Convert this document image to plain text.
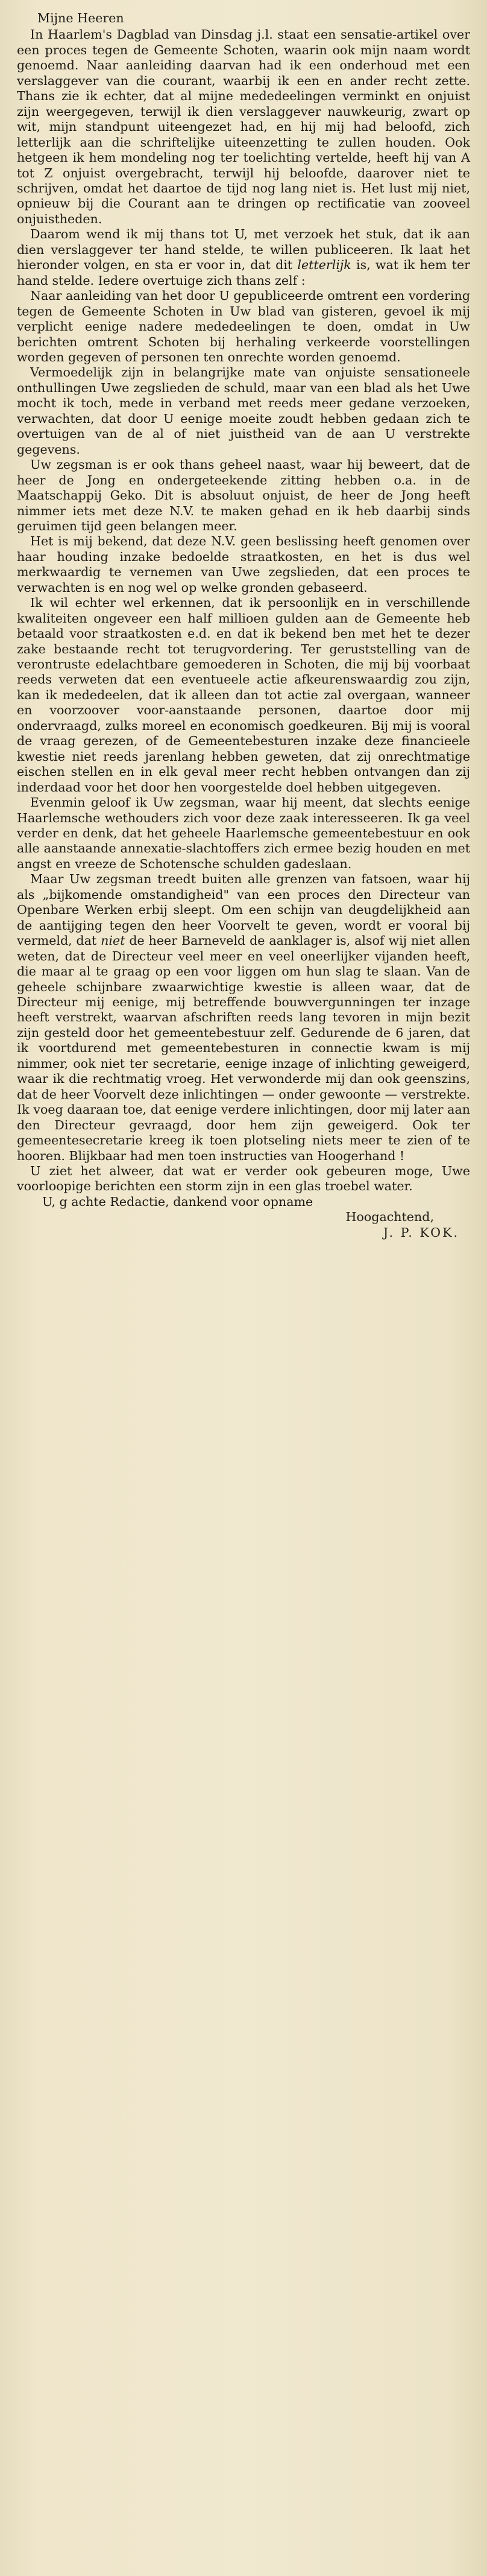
Mijne Heeren

In Haarlem's Dagblad van Dinsdag j.l. staat een sensatie-artikel over een proces tegen de Gemeente Schoten, waarin ook mijn naam wordt genoemd. Naar aanleiding daarvan had ik een onderhoud met een verslaggever van die courant, waarbij ik een en ander recht zette. Thans zie ik echter, dat al mijne mededeelingen verminkt en onjuist zijn weergegeven, terwijl ik dien verslaggever nauwkeurig, zwart op wit, mijn standpunt uiteengezet had, en hij mij had beloofd, zich letterlijk aan die schriftelijke uiteenzetting te zullen houden. Ook hetgeen ik hem mondeling nog ter toelichting vertelde, heeft hij van A tot Z onjuist overgebracht, terwijl hij beloofde, daarover niet te schrijven, omdat het daartoe de tijd nog lang niet is. Het lust mij niet, opnieuw bij die Courant aan te dringen op rectificatie van zooveel onjuistheden.

Daarom wend ik mij thans tot U, met verzoek het stuk, dat ik aan dien verslaggever ter hand stelde, te willen publiceeren. Ik laat het hieronder volgen, en sta er voor in, dat dit letterlijk is, wat ik hem ter hand stelde. Iedere overtuige zich thans zelf :

Naar aanleiding van het door U gepubliceerde omtrent een vordering tegen de Gemeente Schoten in Uw blad van gisteren, gevoel ik mij verplicht eenige nadere mededeelingen te doen, omdat in Uw berichten omtrent Schoten bij herhaling verkeerde voorstellingen worden gegeven of personen ten onrechte worden genoemd.

Vermoedelijk zijn in belangrijke mate van onjuiste sensationeele onthullingen Uwe zegslieden de schuld, maar van een blad als het Uwe mocht ik toch, mede in verband met reeds meer gedane verzoeken, verwachten, dat door U eenige moeite zoudt hebben gedaan zich te overtuigen van de al of niet juistheid van de aan U verstrekte gegevens.

Uw zegsman is er ook thans geheel naast, waar hij beweert, dat de heer de Jong en ondergeteekende zitting hebben o.a. in de Maatschappij Geko. Dit is absoluut onjuist, de heer de Jong heeft nimmer iets met deze N.V. te maken gehad en ik heb daarbij sinds geruimen tijd geen belangen meer.

Het is mij bekend, dat deze N.V. geen beslissing heeft genomen over haar houding inzake bedoelde straatkosten, en het is dus wel merkwaardig te vernemen van Uwe zegslieden, dat een proces te verwachten is en nog wel op welke gronden gebaseerd.

Ik wil echter wel erkennen, dat ik persoonlijk en in verschillende kwaliteiten ongeveer een half millioen gulden aan de Gemeente heb betaald voor straatkosten e.d. en dat ik bekend ben met het te dezer zake bestaande recht tot terugvordering. Ter geruststelling van de verontruste edelachtbare gemoederen in Schoten, die mij bij voorbaat reeds verweten dat een eventueele actie afkeurenswaardig zou zijn, kan ik mededeelen, dat ik alleen dan tot actie zal overgaan, wanneer en voorzoover voor-aanstaande personen, daartoe door mij ondervraagd, zulks moreel en economisch goedkeuren. Bij mij is vooral de vraag gerezen, of de Gemeentebesturen inzake deze financieele kwestie niet reeds jarenlang hebben geweten, dat zij onrechtmatige eischen stellen en in elk geval meer recht hebben ontvangen dan zij inderdaad voor het door hen voorgestelde doel hebben uitgegeven.

Evenmin geloof ik Uw zegsman, waar hij meent, dat slechts eenige Haarlemsche wethouders zich voor deze zaak interesseeren. Ik ga veel verder en denk, dat het geheele Haarlemsche gemeentebestuur en ook alle aanstaande annexatie-slachtoffers zich ermee bezig houden en met angst en vreeze de Schotensche schulden gadeslaan.

Maar Uw zegsman treedt buiten alle grenzen van fatsoen, waar hij als „bijkomende omstandigheid" van een proces den Directeur van Openbare Werken erbij sleept. Om een schijn van deugdelijkheid aan de aantijging tegen den heer Voorvelt te geven, wordt er vooral bij vermeld, dat niet de heer Barneveld de aanklager is, alsof wij niet allen weten, dat de Directeur veel meer en veel oneerlijker vijanden heeft, die maar al te graag op een voor liggen om hun slag te slaan. Van de geheele schijnbare zwaarwichtige kwestie is alleen waar, dat de Directeur mij eenige, mij betreffende bouwvergunningen ter inzage heeft verstrekt, waarvan afschriften reeds lang tevoren in mijn bezit zijn gesteld door het gemeentebestuur zelf. Gedurende de 6 jaren, dat ik voortdurend met gemeentebesturen in connectie kwam is mij nimmer, ook niet ter secretarie, eenige inzage of inlichting geweigerd, waar ik die rechtmatig vroeg. Het verwonderde mij dan ook geenszins, dat de heer Voorvelt deze inlichtingen — onder gewoonte — verstrekte. Ik voeg daaraan toe, dat eenige verdere inlichtingen, door mij later aan den Directeur gevraagd, door hem zijn geweigerd. Ook ter gemeentesecretarie kreeg ik toen plotseling niets meer te zien of te hooren. Blijkbaar had men toen instructies van Hoogerhand !

U ziet het alweer, dat wat er verder ook gebeuren moge, Uwe voorloopige berichten een storm zijn in een glas troebel water.

U, g achte Redactie, dankend voor opname

Hoogachtend,

J. P. KOK.
